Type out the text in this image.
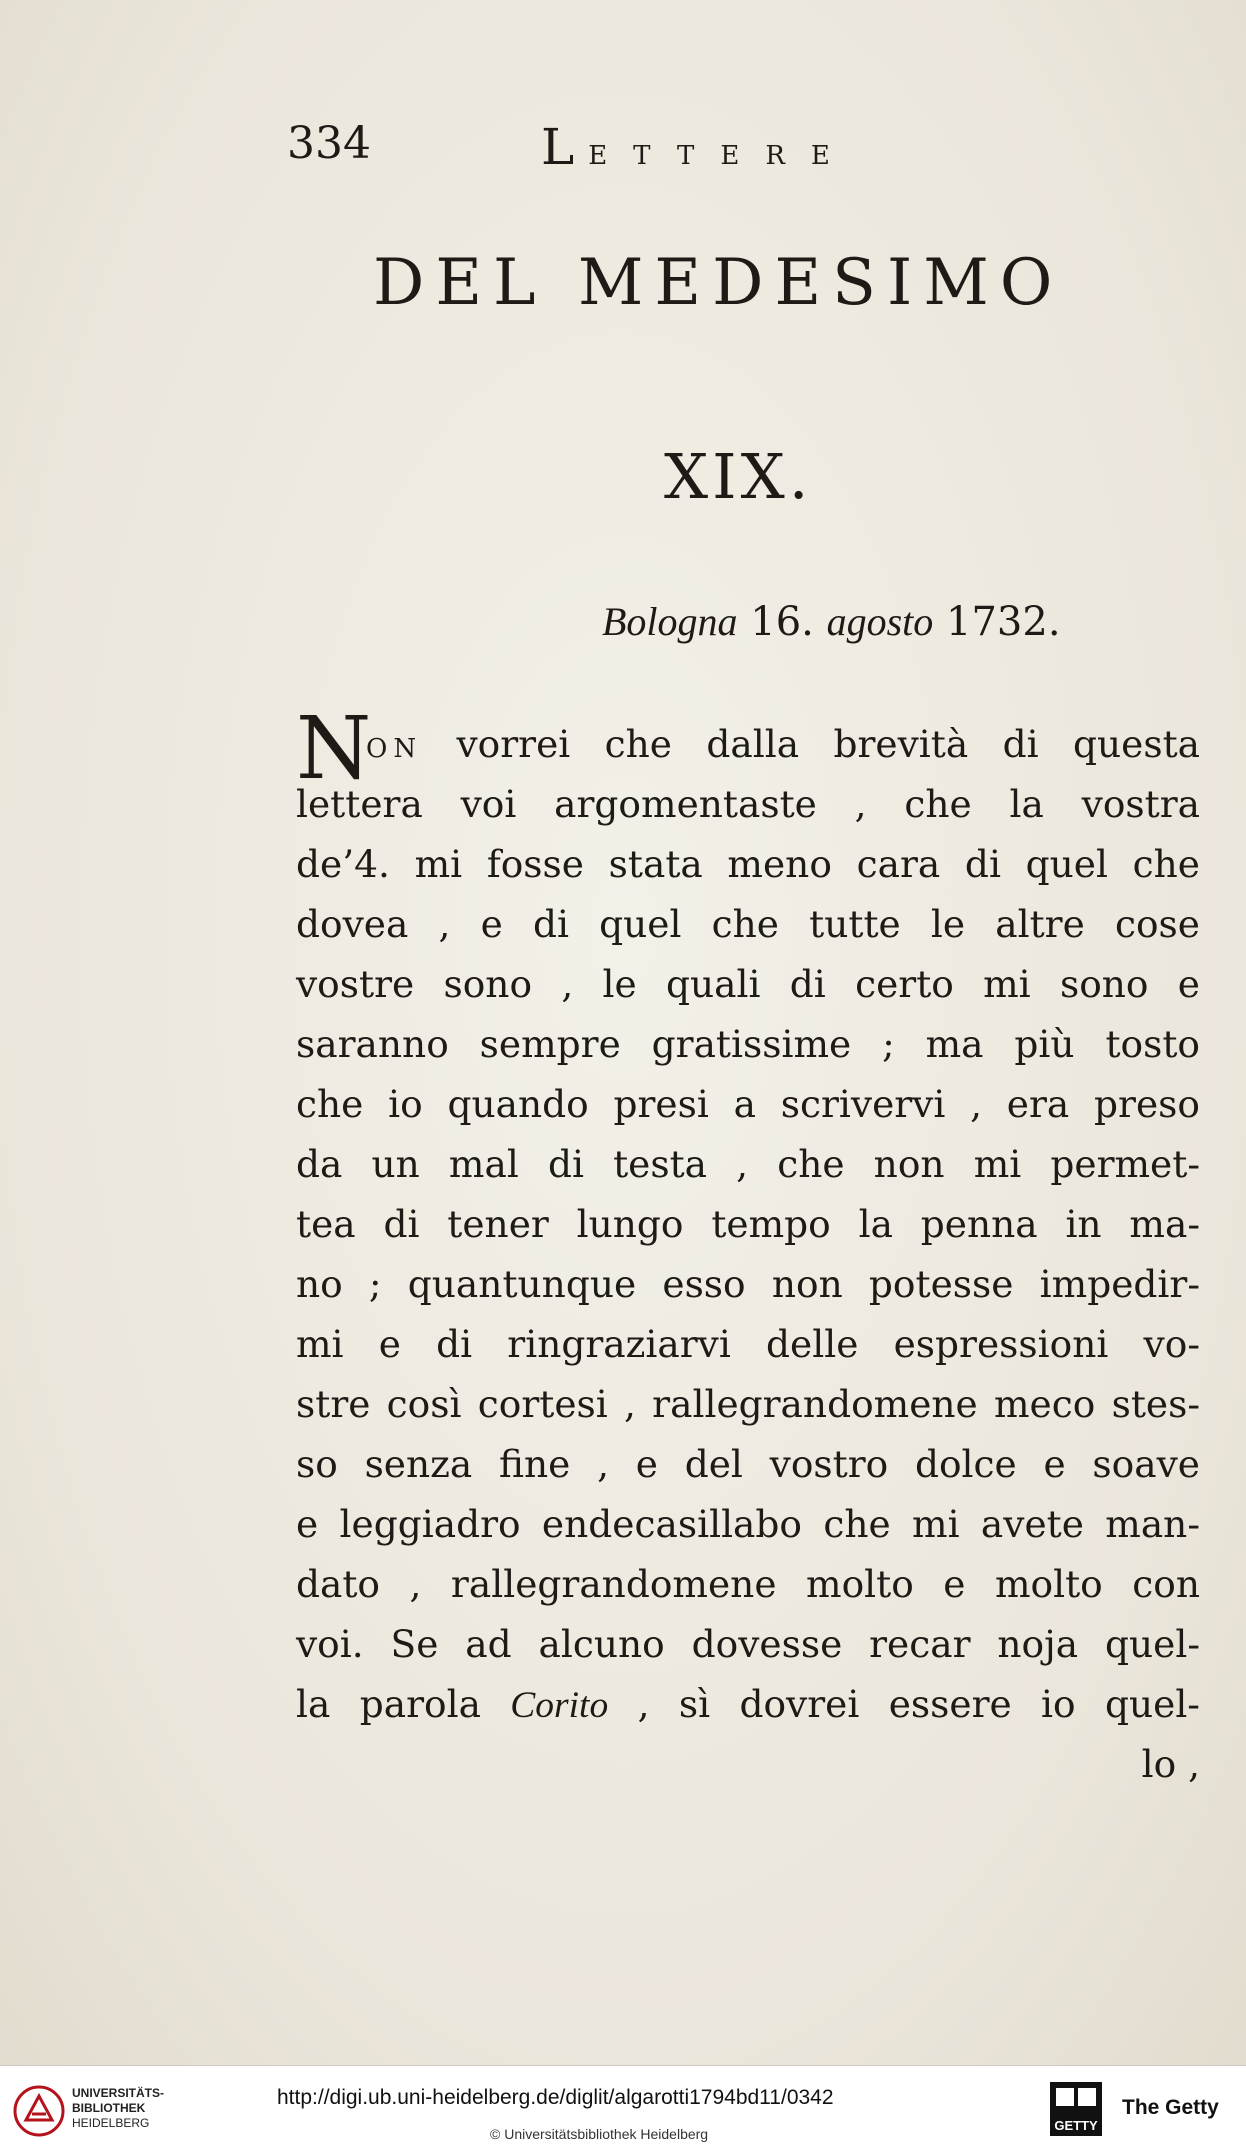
334	LETTERE
DEL MEDESIMO
XIX.
Bologna 16. agosto 1732.
N
ON vorrei che dalla brevità di questa
lettera voi argomentaste , che la vostra
de’4. mi fosse stata meno cara di quel che
dovea , e di quel che tutte le altre cose
vostre sono , le quali di certo mi sono e
saranno sempre gratissime ; ma più tosto
che io quando presi a scrivervi , era preso
da un mal di testa , che non mi permet-
tea di tener lungo tempo la penna in ma-
no ; quantunque esso non potesse impedir-
mi e di ringraziarvi delle espressioni vo-
stre così cortesi , rallegrandomene meco stes-
so senza fine , e del vostro dolce e soave
e leggiadro endecasillabo che mi avete man-
dato , rallegrandomene molto e molto con
voi. Se ad alcuno dovesse recar noja quel-
la parola Corito , sì dovrei essere io quel-
lo ,
UNIVERSITÄTS-
BIBLIOTHEK
HEIDELBERG
http://digi.ub.uni-heidelberg.de/diglit/algarotti1794bd11/0342
© Universitätsbibliothek Heidelberg
GETTY
The Getty
